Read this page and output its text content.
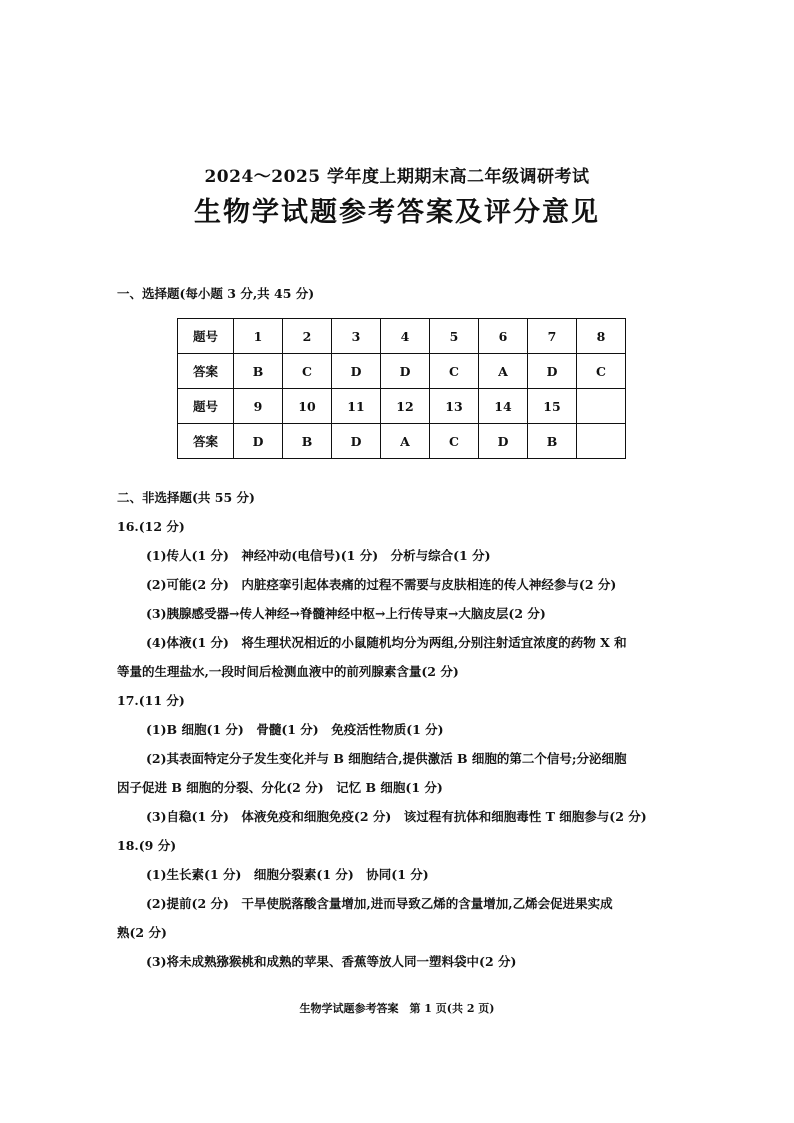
2024～2025 学年度上期期末高二年级调研考试
生物学试题参考答案及评分意见
一、选择题(每小题 3 分,共 45 分)
题号	1	2	3	4	5	6	7	8
答案	B	C	D	D	C	A	D	C
题号	9	10	11	12	13	14	15	
答案	D	B	D	A	C	D	B	
二、非选择题(共 55 分)
16.(12 分)
(1)传人(1 分)　神经冲动(电信号)(1 分)　分析与综合(1 分)
(2)可能(2 分)　内脏痉挛引起体表痛的过程不需要与皮肤相连的传人神经参与(2 分)
(3)胰腺感受器→传人神经→脊髓神经中枢→上行传导束→大脑皮层(2 分)
(4)体液(1 分)　将生理状况相近的小鼠随机均分为两组,分别注射适宜浓度的药物 X 和
等量的生理盐水,一段时间后检测血液中的前列腺素含量(2 分)
17.(11 分)
(1)B 细胞(1 分)　骨髓(1 分)　免疫活性物质(1 分)
(2)其表面特定分子发生变化并与 B 细胞结合,提供激活 B 细胞的第二个信号;分泌细胞
因子促进 B 细胞的分裂、分化(2 分)　记忆 B 细胞(1 分)
(3)自稳(1 分)　体液免疫和细胞免疫(2 分)　该过程有抗体和细胞毒性 T 细胞参与(2 分)
18.(9 分)
(1)生长素(1 分)　细胞分裂素(1 分)　协同(1 分)
(2)提前(2 分)　干旱使脱落酸含量增加,进而导致乙烯的含量增加,乙烯会促进果实成
熟(2 分)
(3)将未成熟猕猴桃和成熟的苹果、香蕉等放人同一塑料袋中(2 分)
生物学试题参考答案　第 1 页(共 2 页)
